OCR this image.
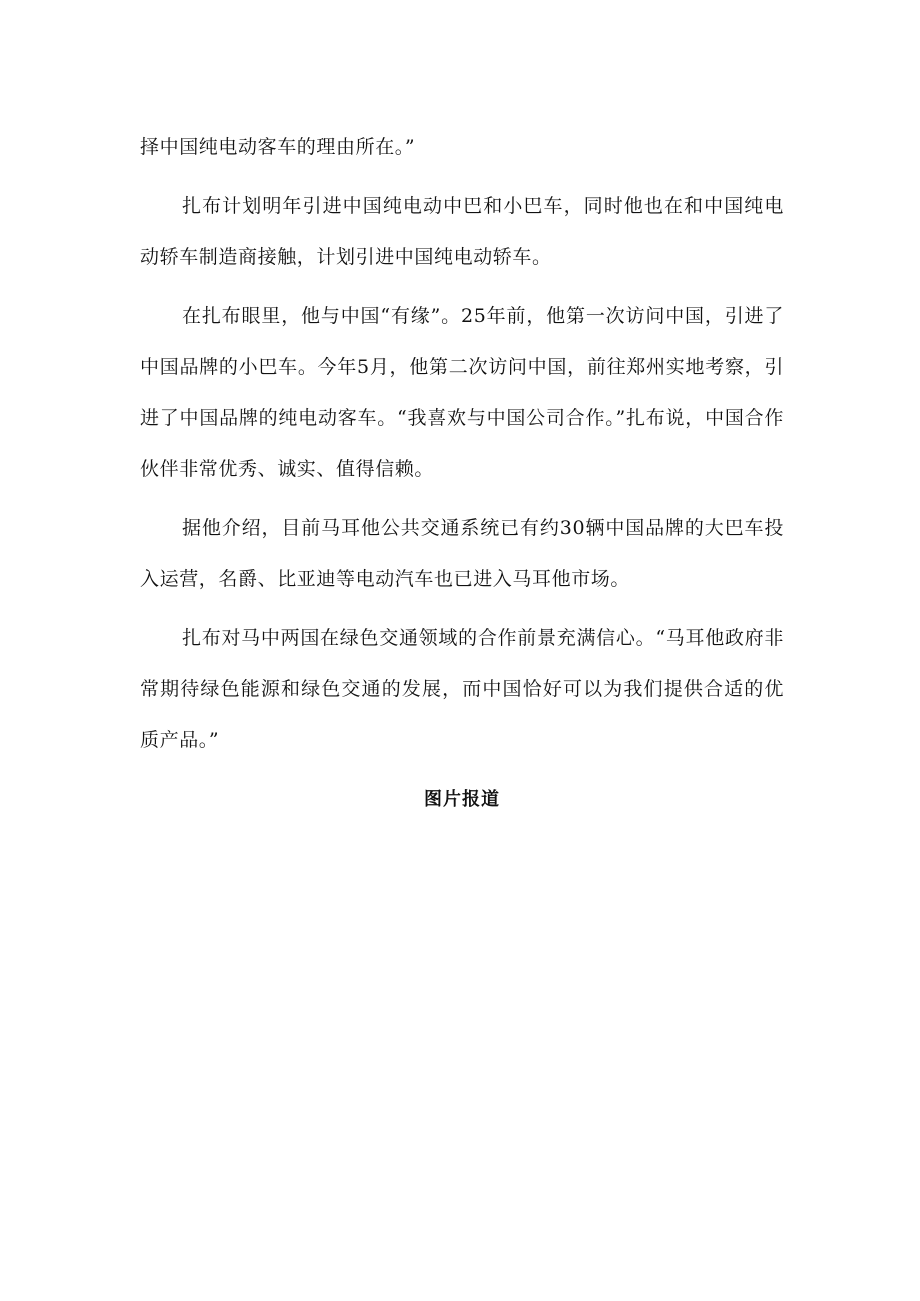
择中国纯电动客车的理由所在。”

扎布计划明年引进中国纯电动中巴和小巴车，同时他也在和中国纯电动轿车制造商接触，计划引进中国纯电动轿车。

在扎布眼里，他与中国“有缘”。25年前，他第一次访问中国，引进了中国品牌的小巴车。今年5月，他第二次访问中国，前往郑州实地考察，引进了中国品牌的纯电动客车。“我喜欢与中国公司合作。”扎布说，中国合作伙伴非常优秀、诚实、值得信赖。

据他介绍，目前马耳他公共交通系统已有约30辆中国品牌的大巴车投入运营，名爵、比亚迪等电动汽车也已进入马耳他市场。

扎布对马中两国在绿色交通领域的合作前景充满信心。“马耳他政府非常期待绿色能源和绿色交通的发展，而中国恰好可以为我们提供合适的优质产品。”

图片报道
